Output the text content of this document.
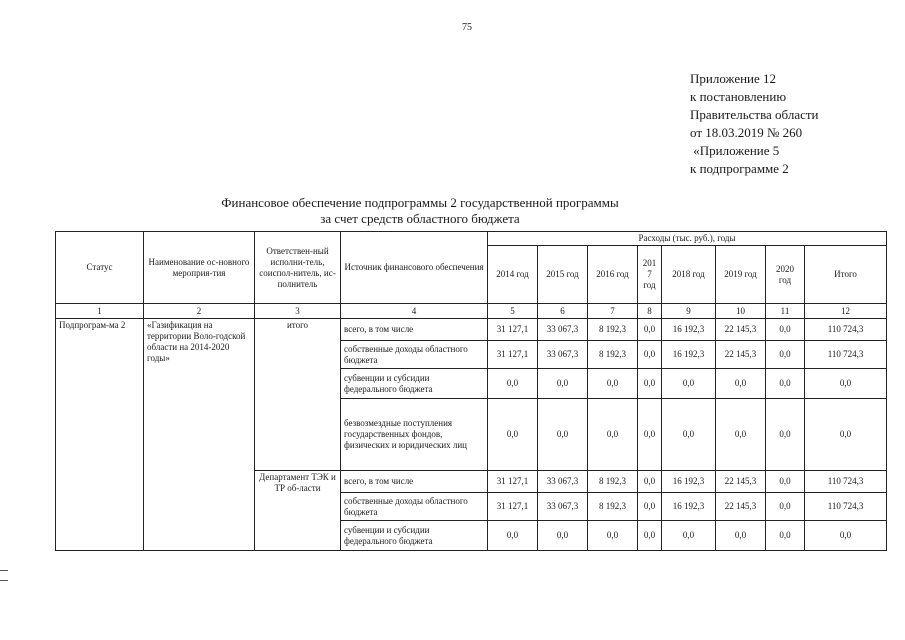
75
Приложение 12
к постановлению
Правительства области
от 18.03.2019 № 260
«Приложение 5
к подпрограмме 2
Финансовое обеспечение подпрограммы 2 государственной программы
за счет средств областного бюджета
Статус	Наименование ос-новного мероприя-тия	Ответствен-ный исполни-тель, соиспол-нитель, ис-полнитель	Источник финансового обеспечения	Расходы (тыс. руб.), годы							
				2014 год	2015 год	2016 год	201 7 год	2018 год	2019 год	2020 год	Итого
1	2	3	4	5	6	7	8	9	10	11	12
Подпрограм-ма 2	«Газификация на территории Воло-годской области на 2014-2020 годы»	итого	всего, в том числе	31 127,1	33 067,3	8 192,3	0,0	16 192,3	22 145,3	0,0	110 724,3
			собственные доходы областного бюджета	31 127,1	33 067,3	8 192,3	0,0	16 192,3	22 145,3	0,0	110 724,3
			субвенции и субсидии федерального бюджета	0,0	0,0	0,0	0,0	0,0	0,0	0,0	0,0
			безвозмездные поступления государственных фондов, физических и юридических лиц	0,0	0,0	0,0	0,0	0,0	0,0	0,0	0,0
		Департамент ТЭК и ТР об-ласти	всего, в том числе	31 127,1	33 067,3	8 192,3	0,0	16 192,3	22 145,3	0,0	110 724,3
			собственные доходы областного бюджета	31 127,1	33 067,3	8 192,3	0,0	16 192,3	22 145,3	0,0	110 724,3
			субвенции и субсидии федерального бюджета	0,0	0,0	0,0	0,0	0,0	0,0	0,0	0,0
